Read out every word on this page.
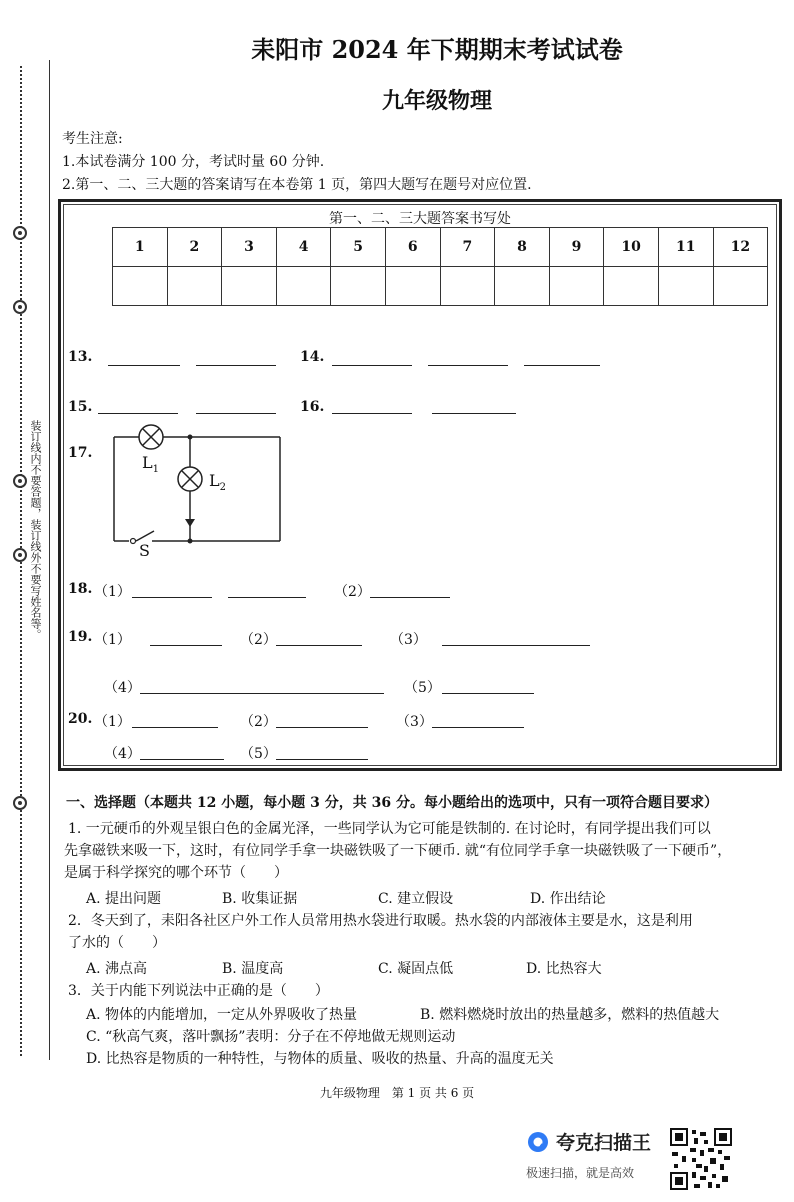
装订线内不要答题，装订线外不要写姓名等。
耒阳市 2024 年下期期末考试试卷
九年级物理
考生注意:
1.本试卷满分 100 分，考试时量 60 分钟.
2.第一、二、三大题的答案请写在本卷第 1 页，第四大题写在题号对应位置.
第一、二、三大题答案书写处
1	2	3	4	5	6	7	8	9	10	11	12

13.	14.
15.	16.
17.	$L_1$
$L_2$
S
18. （1）	（2）
19. （1）	（2）	（3）
（4）	（5）
20. （1）	（2）	（3）
（4）	（5）
一、选择题（本题共 12 小题，每小题 3 分，共 36 分。每小题给出的选项中，只有一项符合题目要求）
1. 一元硬币的外观呈银白色的金属光泽，一些同学认为它可能是铁制的. 在讨论时，有同学提出我们可以
先拿磁铁来吸一下，这时，有位同学手拿一块磁铁吸了一下硬币. 就“有位同学手拿一块磁铁吸了一下硬币”，
是属于科学探究的哪个环节（　　）
A. 提出问题	B. 收集证据	C. 建立假设	D. 作出结论
2．冬天到了，耒阳各社区户外工作人员常用热水袋进行取暖。热水袋的内部液体主要是水，这是利用
了水的（　　）
A. 沸点高	B. 温度高	C. 凝固点低	D. 比热容大
3．关于内能下列说法中正确的是（　　）
A. 物体的内能增加，一定从外界吸收了热量	B. 燃料燃烧时放出的热量越多，燃料的热值越大
C. “秋高气爽，落叶飘扬”表明：分子在不停地做无规则运动
D. 比热容是物质的一种特性，与物体的质量、吸收的热量、升高的温度无关
九年级物理　第 1 页 共 6 页
夸克扫描王
极速扫描，就是高效
